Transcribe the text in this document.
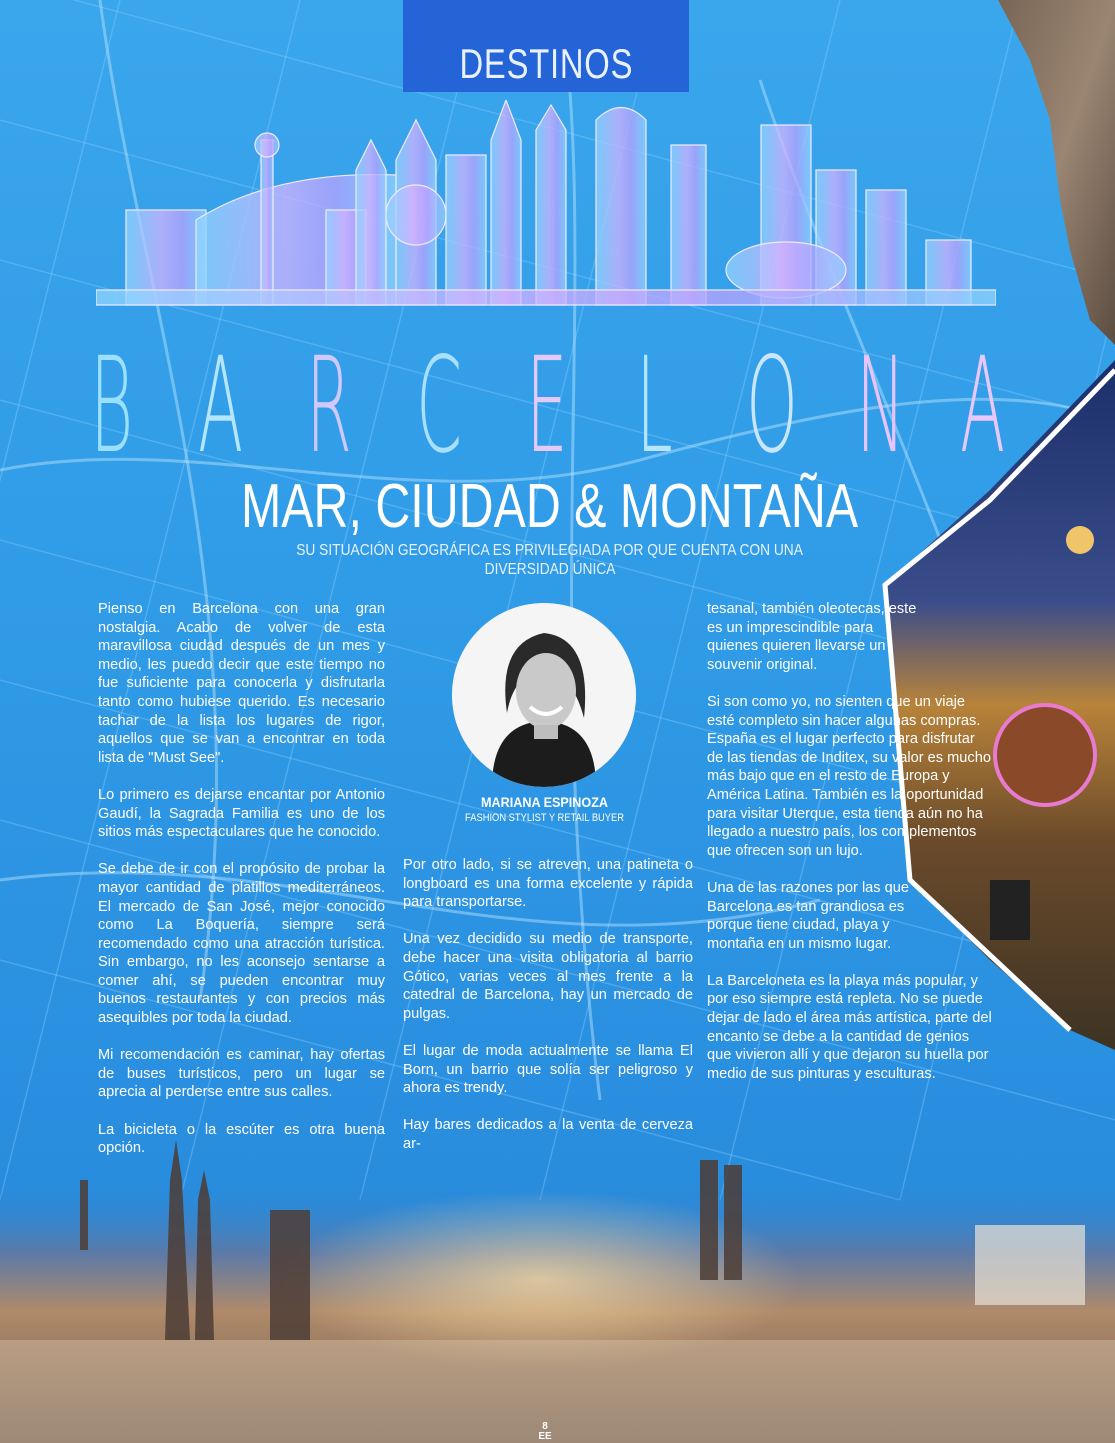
DESTINOS
B A R C E L O N A
MAR, CIUDAD & MONTAÑA
SU SITUACIÓN GEOGRÁFICA ES PRIVILEGIADA POR QUE CUENTA CON UNA
DIVERSIDAD ÚNICA

Pienso en Barcelona con una gran nostalgia. Acabo de volver de esta maravillosa ciudad después de un mes y medio, les puedo decir que este tiempo no fue suficiente para conocerla y disfrutarla tanto como hubiese querido. Es necesario tachar de la lista los lugares de rigor, aquellos que se van a encontrar en toda lista de "Must See".

Lo primero es dejarse encantar por Antonio Gaudí, la Sagrada Familia es uno de los sitios más espectaculares que he conocido.

Se debe de ir con el propósito de probar la mayor cantidad de platillos mediterráneos. El mercado de San José, mejor conocido como La Boquería, siempre será recomendado como una atracción turística. Sin embargo, no les aconsejo sentarse a comer ahí, se pueden encontrar muy buenos restaurantes y con precios más asequibles por toda la ciudad.

Mi recomendación es caminar, hay ofertas de buses turísticos, pero un lugar se aprecia al perderse entre sus calles.

La bicicleta o la escúter es otra buena opción.

MARIANA ESPINOZA
FASHION STYLIST Y RETAIL BUYER

Por otro lado, si se atreven, una patineta o longboard es una forma excelente y rápida para transportarse.

Una vez decidido su medio de transporte, debe hacer una visita obligatoria al barrio Gótico, varias veces al mes frente a la catedral de Barcelona, hay un mercado de pulgas.

El lugar de moda actualmente se llama El Born, un barrio que solía ser peligroso y ahora es trendy.

Hay bares dedicados a la venta de cerveza ar-

tesanal, también oleotecas, este es un imprescindible para quienes quieren llevarse un souvenir original.

Si son como yo, no sienten que un viaje esté completo sin hacer algunas compras. España es el lugar perfecto para disfrutar de las tiendas de Inditex, su valor es mucho más bajo que en el resto de Europa y América Latina. También es la oportunidad para visitar Uterque, esta tienda aún no ha llegado a nuestro país, los complementos que ofrecen son un lujo.

Una de las razones por las que Barcelona es tan grandiosa es porque tiene ciudad, playa y montaña en un mismo lugar.

La Barceloneta es la playa más popular, y por eso siempre está repleta. No se puede dejar de lado el área más artística, parte del encanto se debe a la cantidad de genios que vivieron allí y que dejaron su huella por medio de sus pinturas y esculturas.

8
EE
